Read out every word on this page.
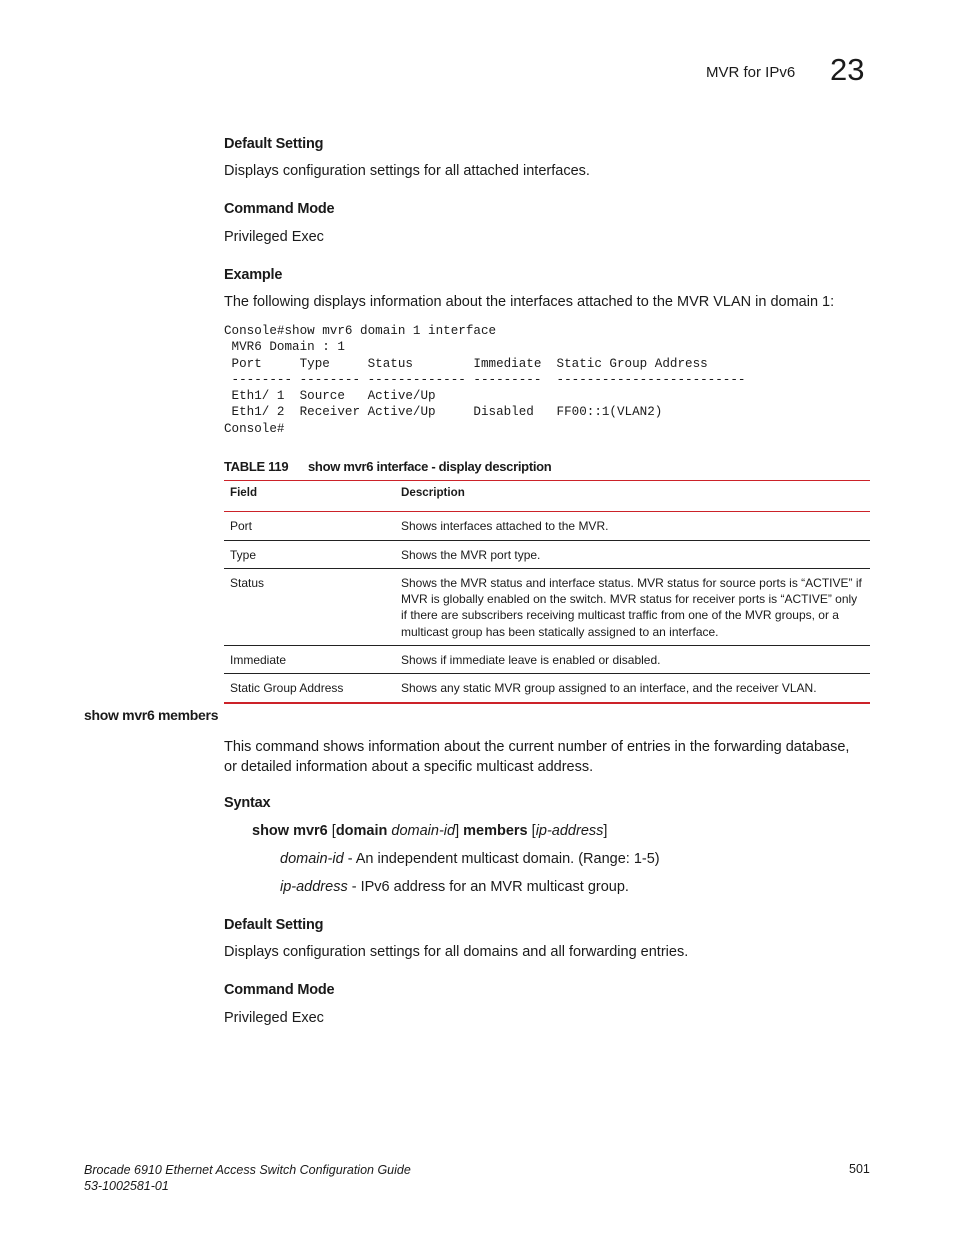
MVR for IPv6 23
Default Setting
Displays configuration settings for all attached interfaces.
Command Mode
Privileged Exec
Example
The following displays information about the interfaces attached to the MVR VLAN in domain 1:
Console#show mvr6 domain 1 interface
MVR6 Domain : 1
Port     Type     Status        Immediate  Static Group Address
-------- -------- ------------- ---------  -------------------------
Eth1/ 1  Source   Active/Up
Eth1/ 2  Receiver Active/Up     Disabled   FF00::1(VLAN2)
Console#
TABLE 119 show mvr6 interface - display description
Field	Description
Port	Shows interfaces attached to the MVR.
Type	Shows the MVR port type.
Status	Shows the MVR status and interface status. MVR status for source ports is “ACTIVE” if MVR is globally enabled on the switch. MVR status for receiver ports is “ACTIVE” only if there are subscribers receiving multicast traffic from one of the MVR groups, or a multicast group has been statically assigned to an interface.
Immediate	Shows if immediate leave is enabled or disabled.
Static Group Address	Shows any static MVR group assigned to an interface, and the receiver VLAN.
show mvr6 members
This command shows information about the current number of entries in the forwarding database,
or detailed information about a specific multicast address.
Syntax
show mvr6 [domain domain-id] members [ip-address]
domain-id - An independent multicast domain. (Range: 1-5)
ip-address - IPv6 address for an MVR multicast group.
Default Setting
Displays configuration settings for all domains and all forwarding entries.
Command Mode
Privileged Exec
Brocade 6910 Ethernet Access Switch Configuration Guide
53-1002581-01
501
